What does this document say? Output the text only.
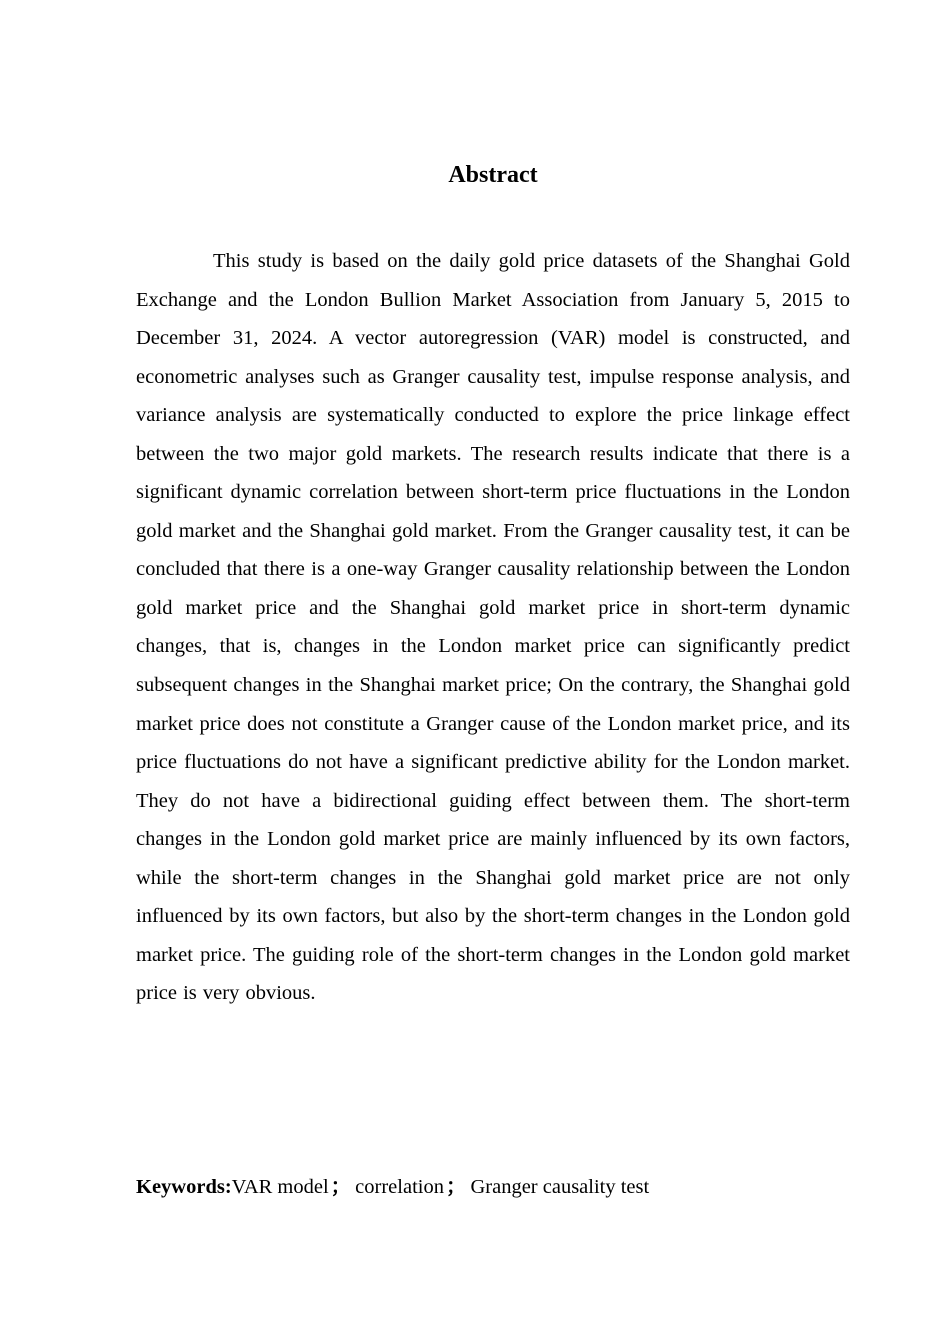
Abstract

This study is based on the daily gold price datasets of the Shanghai Gold Exchange and the London Bullion Market Association from January 5, 2015 to December 31, 2024. A vector autoregression (VAR) model is constructed, and econometric analyses such as Granger causality test, impulse response analysis, and variance analysis are systematically conducted to explore the price linkage effect between the two major gold markets. The research results indicate that there is a significant dynamic correlation between short-term price fluctuations in the London gold market and the Shanghai gold market. From the Granger causality test, it can be concluded that there is a one-way Granger causality relationship between the London gold market price and the Shanghai gold market price in short-term dynamic changes, that is, changes in the London market price can significantly predict subsequent changes in the Shanghai market price; On the contrary, the Shanghai gold market price does not constitute a Granger cause of the London market price, and its price fluctuations do not have a significant predictive ability for the London market. They do not have a bidirectional guiding effect between them. The short-term changes in the London gold market price are mainly influenced by its own factors, while the short-term changes in the Shanghai gold market price are not only influenced by its own factors, but also by the short-term changes in the London gold market price. The guiding role of the short-term changes in the London gold market price is very obvious.

Keywords:VAR model； correlation； Granger causality test
